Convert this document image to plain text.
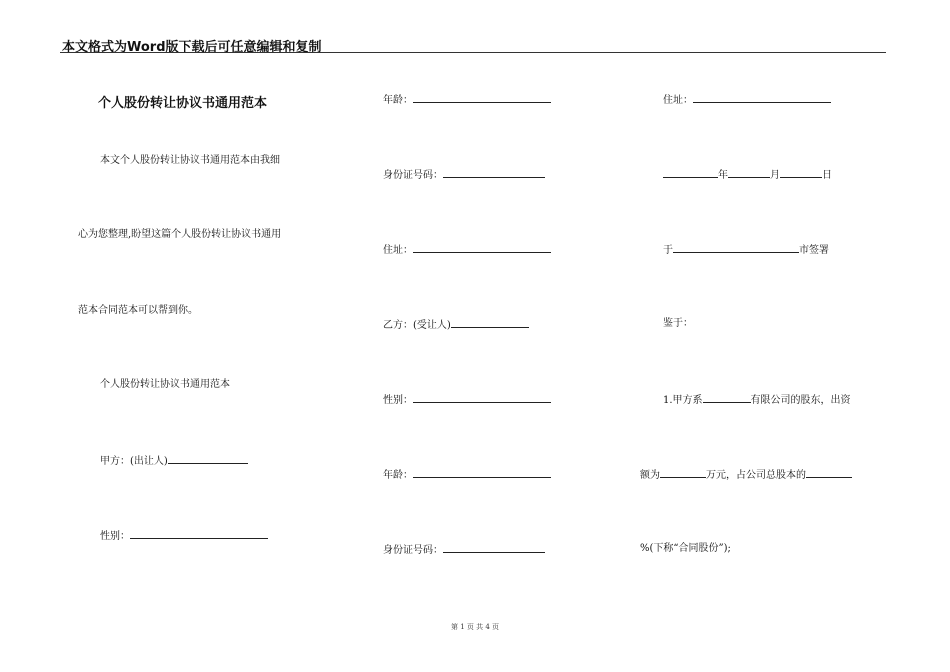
本文格式为Word版下载后可任意编辑和复制
个人股份转让协议书通用范本
本文个人股份转让协议书通用范本由我细
心为您整理,盼望这篇个人股份转让协议书通用
范本合同范本可以帮到你。
个人股份转让协议书通用范本
甲方：(出让人)
性别：
年龄：
身份证号码：
住址：
乙方：(受让人)
性别：
年龄：
身份证号码：
住址：
年	月	日
于	市签署
鉴于：
1.甲方系	有限公司的股东，出资
额为	万元，占公司总股本的
%(下称“合同股份”);
第 1 页 共 4 页
